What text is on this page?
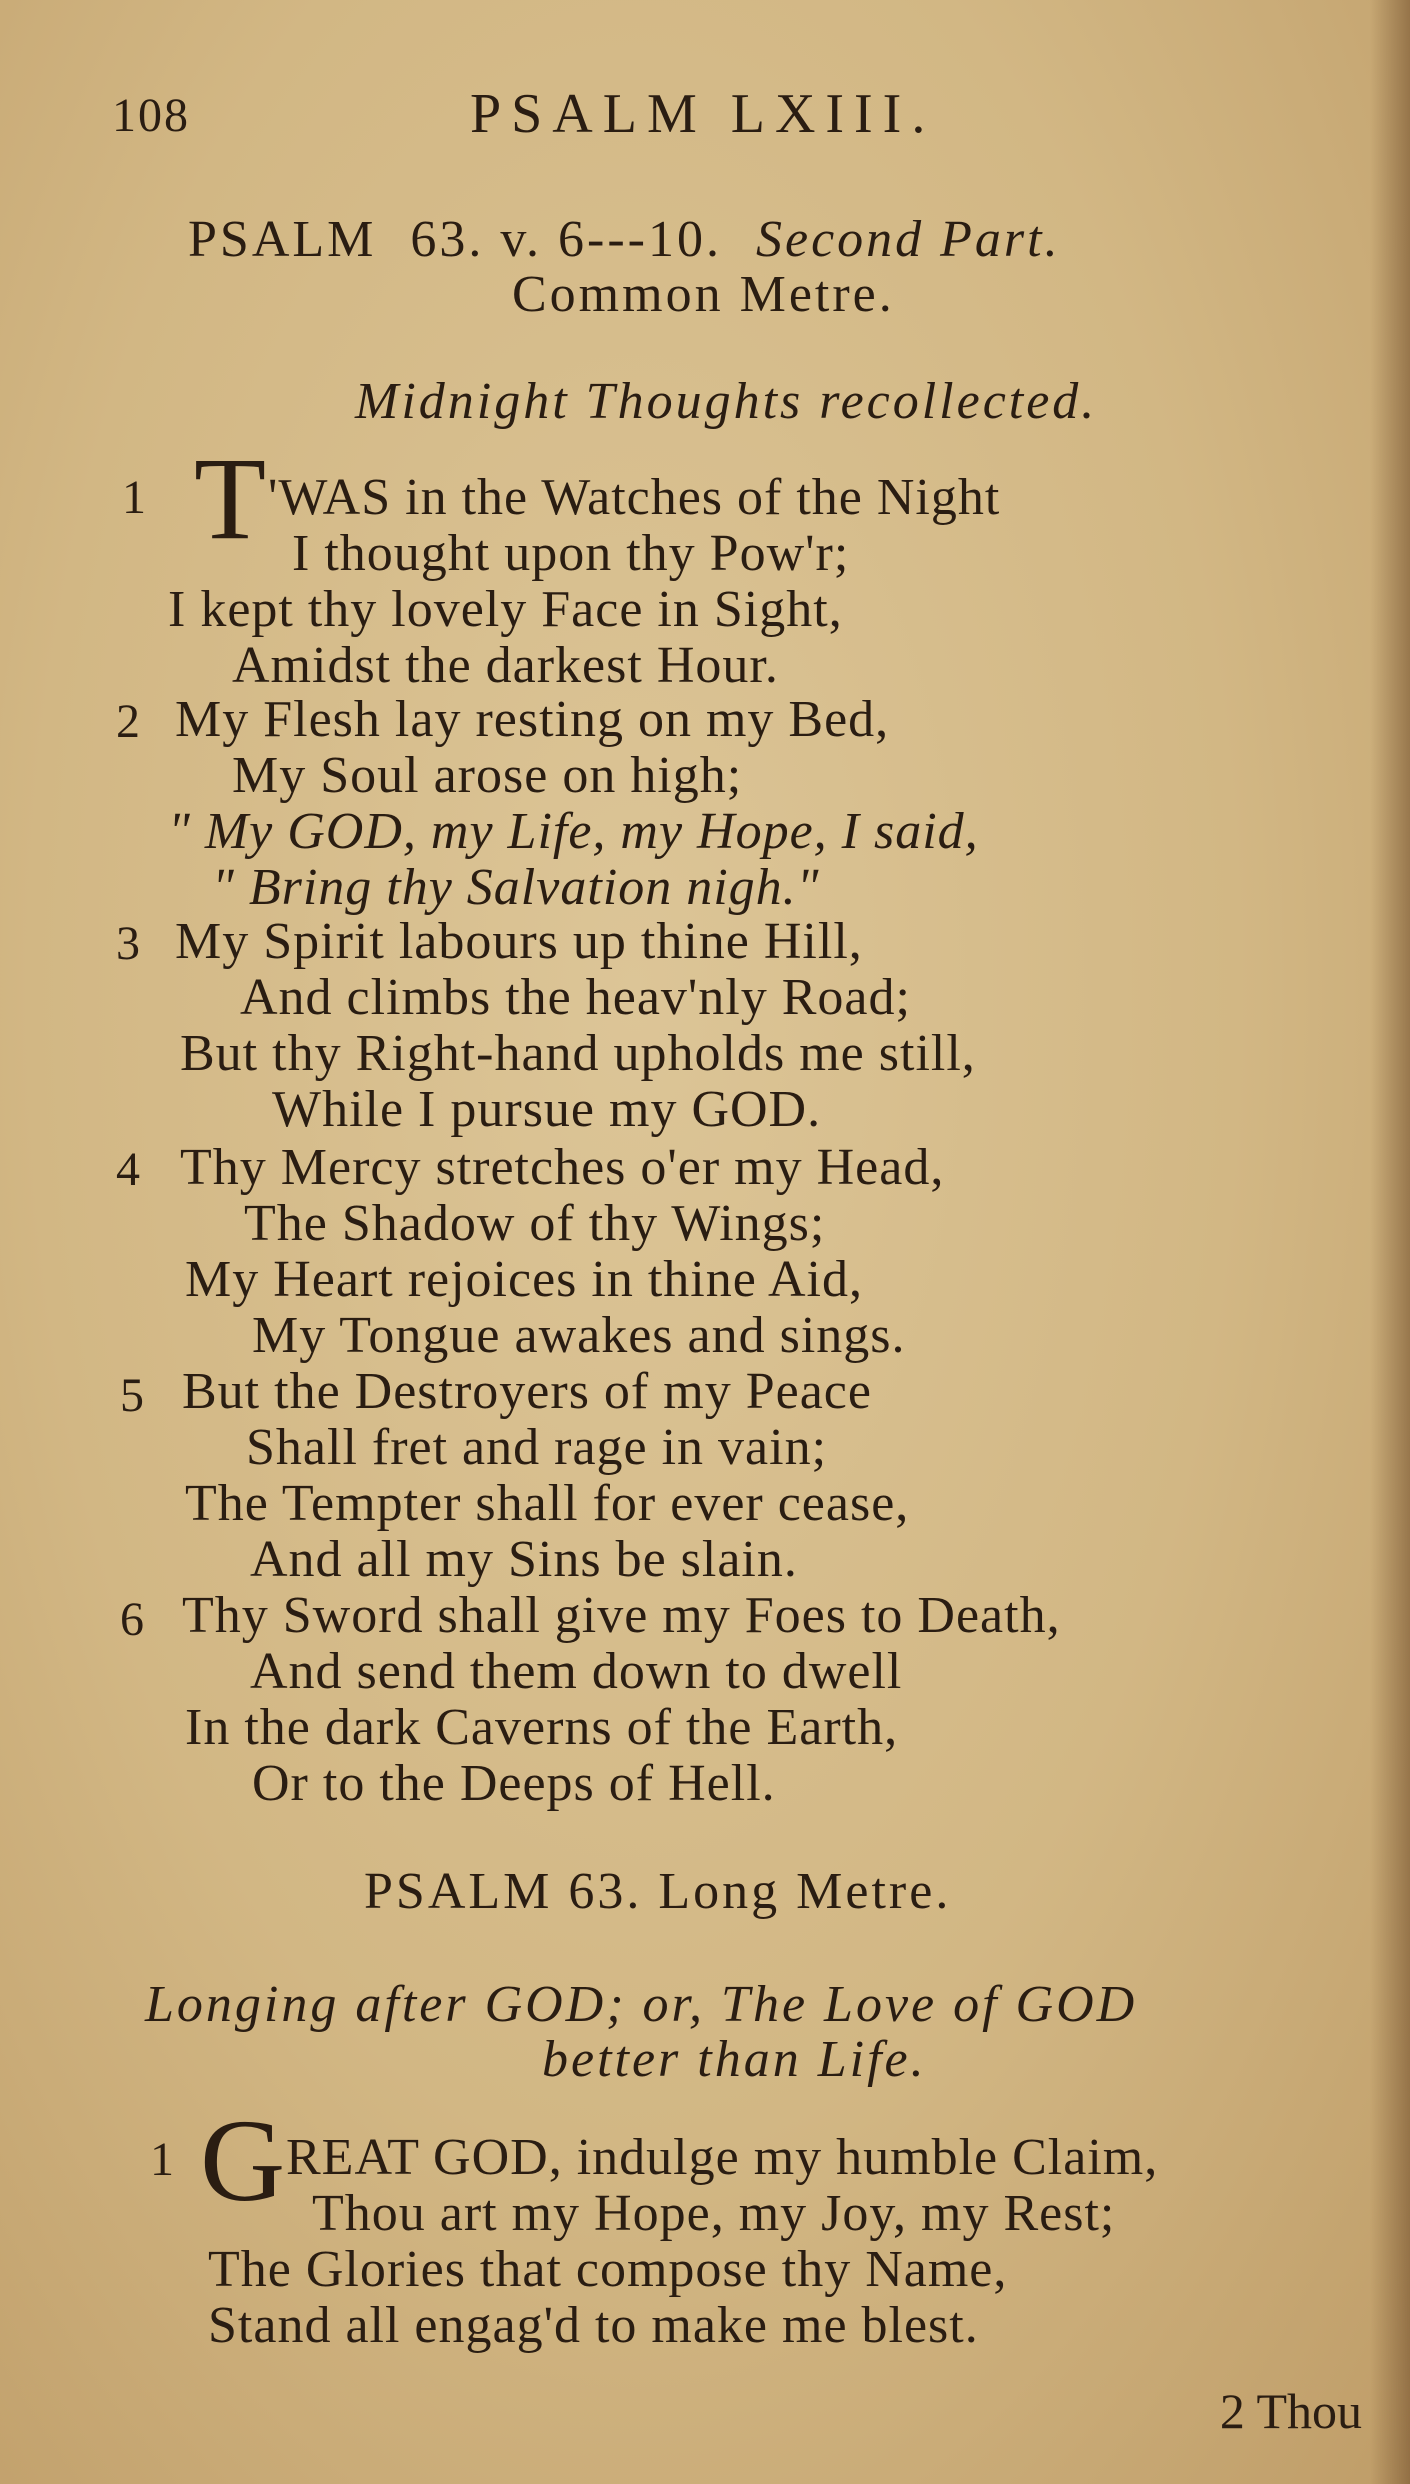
108	PSALM LXIII.
PSALM 63. v. 6---10. Second Part.
Common Metre.
Midnight Thoughts recollected.
1 T 'WAS in the Watches of the Night
I thought upon thy Pow'r;
I kept thy lovely Face in Sight,
Amidst the darkest Hour.
2 My Flesh lay resting on my Bed,
My Soul arose on high;
" My GOD, my Life, my Hope, I said,
" Bring thy Salvation nigh."
3 My Spirit labours up thine Hill,
And climbs the heav'nly Road;
But thy Right-hand upholds me still,
While I pursue my GOD.
4 Thy Mercy stretches o'er my Head,
The Shadow of thy Wings;
My Heart rejoices in thine Aid,
My Tongue awakes and sings.
5 But the Destroyers of my Peace
Shall fret and rage in vain;
The Tempter shall for ever cease,
And all my Sins be slain.
6 Thy Sword shall give my Foes to Death,
And send them down to dwell
In the dark Caverns of the Earth,
Or to the Deeps of Hell.
PSALM 63. Long Metre.
Longing after GOD; or, The Love of GOD
better than Life.
1 G REAT GOD, indulge my humble Claim,
Thou art my Hope, my Joy, my Rest;
The Glories that compose thy Name,
Stand all engag'd to make me blest.
2 Thou
